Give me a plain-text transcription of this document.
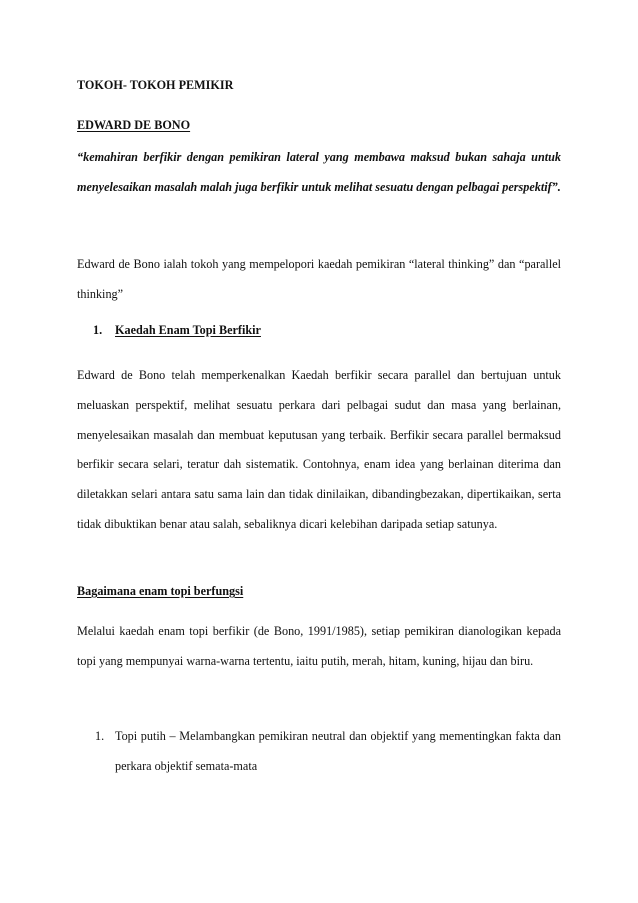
TOKOH- TOKOH PEMIKIR
EDWARD DE BONO
“kemahiran berfikir dengan pemikiran lateral yang membawa maksud bukan sahaja untuk menyelesaikan masalah malah juga berfikir untuk melihat sesuatu dengan pelbagai perspektif”.
Edward de Bono ialah tokoh yang mempelopori kaedah pemikiran “lateral thinking” dan “parallel thinking”
1. Kaedah Enam Topi Berfikir
Edward de Bono telah memperkenalkan Kaedah berfikir secara parallel dan bertujuan untuk meluaskan perspektif, melihat sesuatu perkara dari pelbagai sudut dan masa yang berlainan, menyelesaikan masalah dan membuat keputusan yang terbaik. Berfikir secara parallel bermaksud berfikir secara selari, teratur dah sistematik. Contohnya, enam idea yang berlainan diterima dan diletakkan selari antara satu sama lain dan tidak dinilaikan, dibandingbezakan, dipertikaikan, serta tidak dibuktikan benar atau salah, sebaliknya dicari kelebihan daripada setiap satunya.
Bagaimana enam topi berfungsi
Melalui kaedah enam topi berfikir (de Bono, 1991/1985), setiap pemikiran dianologikan kepada topi yang mempunyai warna-warna tertentu, iaitu putih, merah, hitam, kuning, hijau dan biru.
1. Topi putih – Melambangkan pemikiran neutral dan objektif yang mementingkan fakta dan perkara objektif semata-mata
